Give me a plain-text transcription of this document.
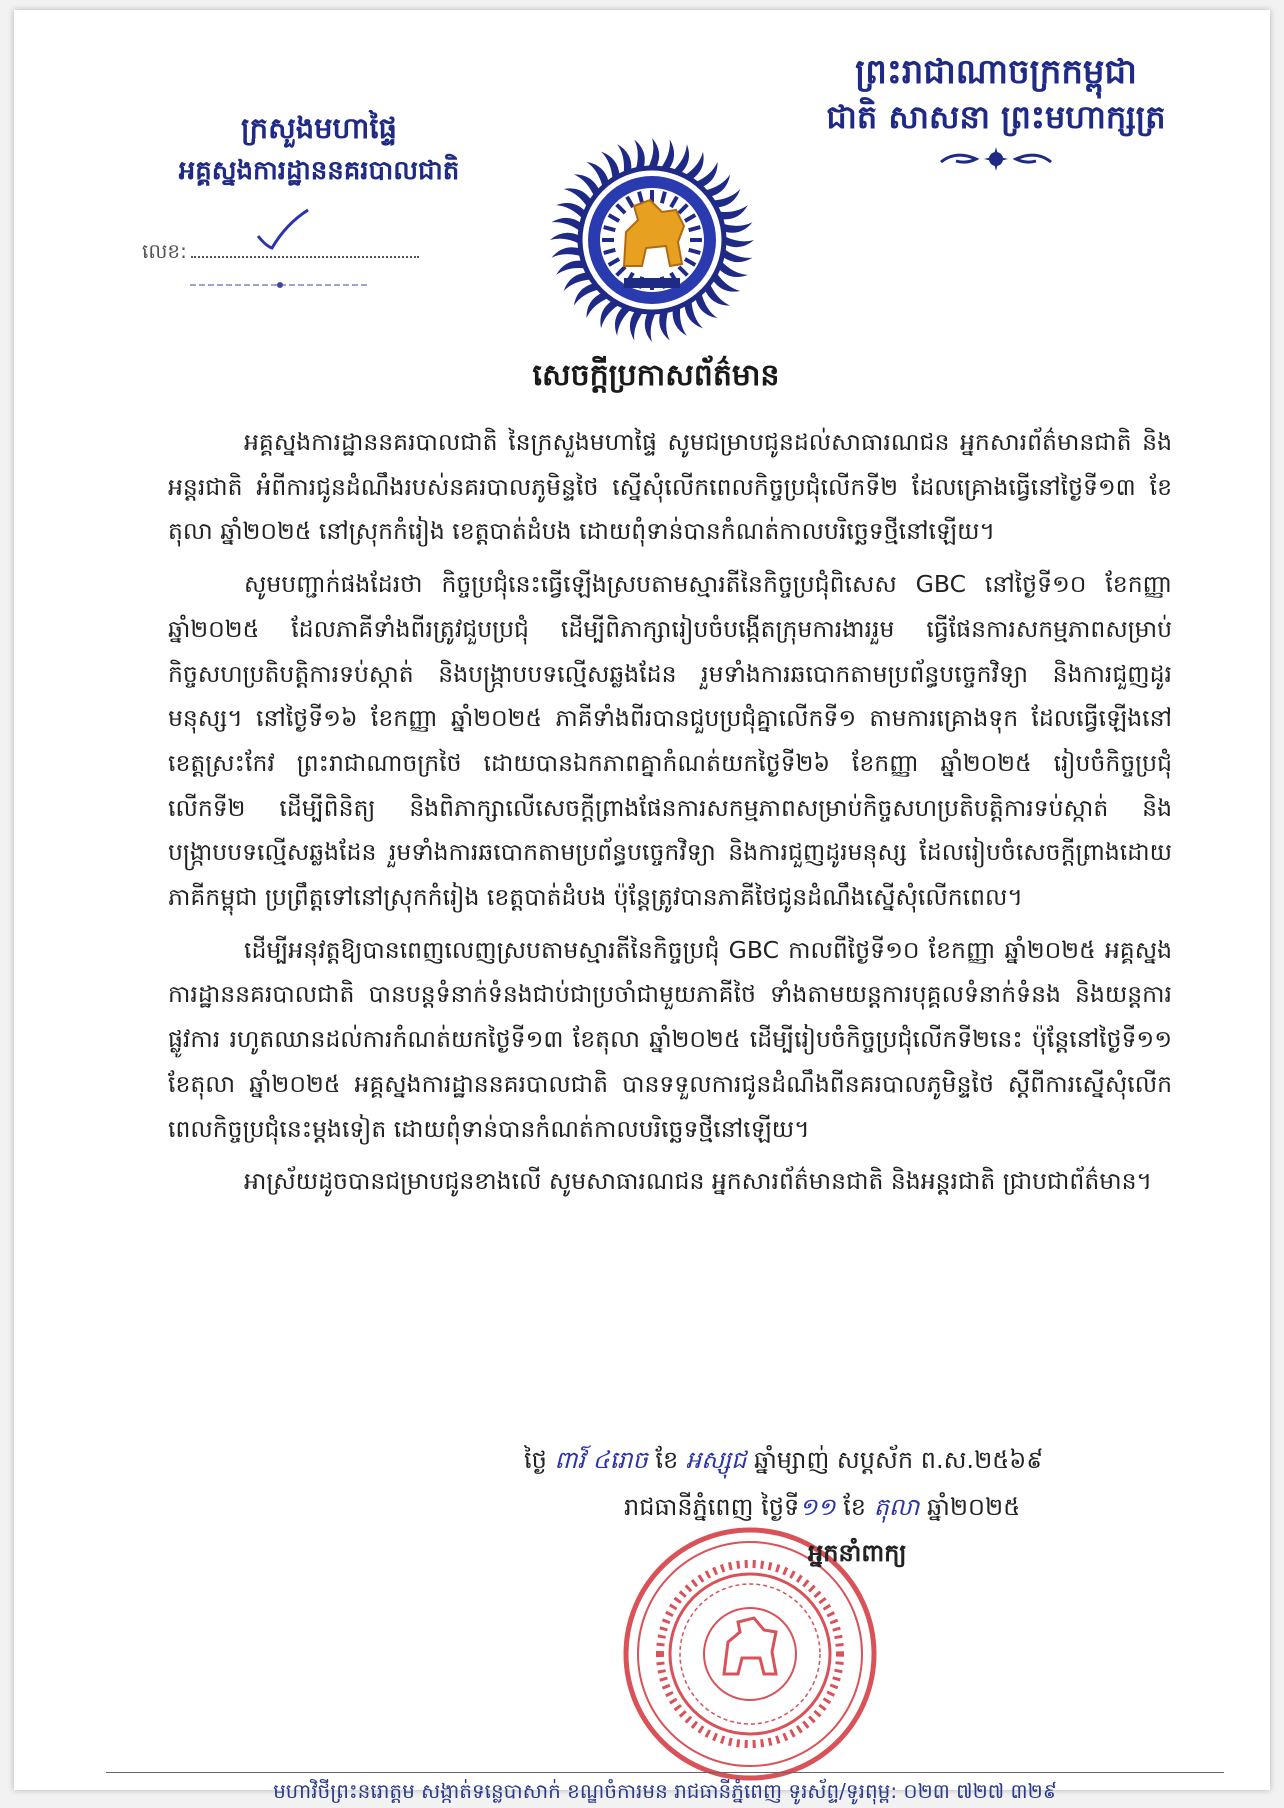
ព្រះរាជាណាចក្រកម្ពុជា
ជាតិ សាសនា ព្រះមហាក្សត្រ
ក្រសួងមហាផ្ទៃ
អគ្គស្នងការដ្ឋាននគរបាលជាតិ
លេខ:
សេចក្តីប្រកាសព័ត៌មាន

អគ្គស្នងការដ្ឋាននគរបាលជាតិ នៃក្រសួងមហាផ្ទៃ សូមជម្រាបជូនដល់សាធារណជន អ្នកសារព័ត៌មានជាតិ និងអន្តរជាតិ អំពីការជូនដំណឹងរបស់នគរបាលភូមិន្ទថៃ ស្នើសុំលើកពេលកិច្ចប្រជុំលើកទី២ ដែលគ្រោងធ្វើនៅថ្ងៃទី១៣ ខែតុលា ឆ្នាំ២០២៥ នៅស្រុកកំរៀង ខេត្តបាត់ដំបង ដោយពុំទាន់បានកំណត់កាលបរិច្ឆេទថ្មីនៅឡើយ។

សូមបញ្ជាក់ផងដែរថា កិច្ចប្រជុំនេះធ្វើឡើងស្របតាមស្មារតីនៃកិច្ចប្រជុំពិសេស GBC នៅថ្ងៃទី១០ ខែកញ្ញា ឆ្នាំ២០២៥ ដែលភាគីទាំងពីរត្រូវជួបប្រជុំ ដើម្បីពិភាក្សារៀបចំបង្កើតក្រុមការងាររួម ធ្វើផែនការសកម្មភាពសម្រាប់កិច្ចសហប្រតិបត្តិការទប់ស្កាត់ និងបង្រ្កាបបទល្មើសឆ្លងដែន រួមទាំងការឆបោកតាមប្រព័ន្ធបច្ចេកវិទ្យា និងការជួញដូរមនុស្ស។ នៅថ្ងៃទី១៦ ខែកញ្ញា ឆ្នាំ២០២៥ ភាគីទាំងពីរបានជួបប្រជុំគ្នាលើកទី១ តាមការគ្រោងទុក ដែលធ្វើឡើងនៅខេត្តស្រះកែវ ព្រះរាជាណាចក្រថៃ ដោយបានឯកភាពគ្នាកំណត់យកថ្ងៃទី២៦ ខែកញ្ញា ឆ្នាំ២០២៥ រៀបចំកិច្ចប្រជុំលើកទី២ ដើម្បីពិនិត្យ និងពិភាក្សាលើសេចក្តីព្រាងផែនការសកម្មភាពសម្រាប់កិច្ចសហប្រតិបត្តិការទប់ស្កាត់ និងបង្រ្កាបបទល្មើសឆ្លងដែន រួមទាំងការឆបោកតាមប្រព័ន្ធបច្ចេកវិទ្យា និងការជួញដូរមនុស្ស ដែលរៀបចំសេចក្តីព្រាងដោយភាគីកម្ពុជា ប្រព្រឹត្តទៅនៅស្រុកកំរៀង ខេត្តបាត់ដំបង ប៉ុន្តែត្រូវបានភាគីថៃជូនដំណឹងស្នើសុំលើកពេល។

ដើម្បីអនុវត្តឱ្យបានពេញលេញស្របតាមស្មារតីនៃកិច្ចប្រជុំ GBC កាលពីថ្ងៃទី១០ ខែកញ្ញា ឆ្នាំ២០២៥ អគ្គស្នងការដ្ឋាននគរបាលជាតិ បានបន្តទំនាក់ទំនងជាប់ជាប្រចាំជាមួយភាគីថៃ ទាំងតាមយន្តការបុគ្គលទំនាក់ទំនង និងយន្តការផ្លូវការ រហូតឈានដល់ការកំណត់យកថ្ងៃទី១៣ ខែតុលា ឆ្នាំ២០២៥ ដើម្បីរៀបចំកិច្ចប្រជុំលើកទី២នេះ ប៉ុន្តែនៅថ្ងៃទី១១ ខែតុលា ឆ្នាំ២០២៥ អគ្គស្នងការដ្ឋាននគរបាលជាតិ បានទទួលការជូនដំណឹងពីនគរបាលភូមិន្ទថៃ ស្តីពីការស្នើសុំលើកពេលកិច្ចប្រជុំនេះម្តងទៀត ដោយពុំទាន់បានកំណត់កាលបរិច្ឆេទថ្មីនៅឡើយ។

អាស្រ័យដូចបានជម្រាបជូនខាងលើ សូមសាធារណជន អ្នកសារព័ត៌មានជាតិ និងអន្តរជាតិ ជ្រាបជាព័ត៌មាន។

ថ្ងៃ ពាវ៍ ៤រោច ខែ អស្សុជ ឆ្នាំម្សាញ់ សប្តស័ក ព.ស.២៥៦៩
រាជធានីភ្នំពេញ ថ្ងៃទី១១ ខែ តុលា ឆ្នាំ២០២៥
អ្នកនាំពាក្យ
មហាវិថីព្រះនរោត្តម សង្កាត់ទន្លេបាសាក់ ខណ្ឌចំការមន រាជធានីភ្នំពេញ ទូរស័ព្ទ/ទូរពុម្ព: ០២៣ ៧២៧ ៣២៩
